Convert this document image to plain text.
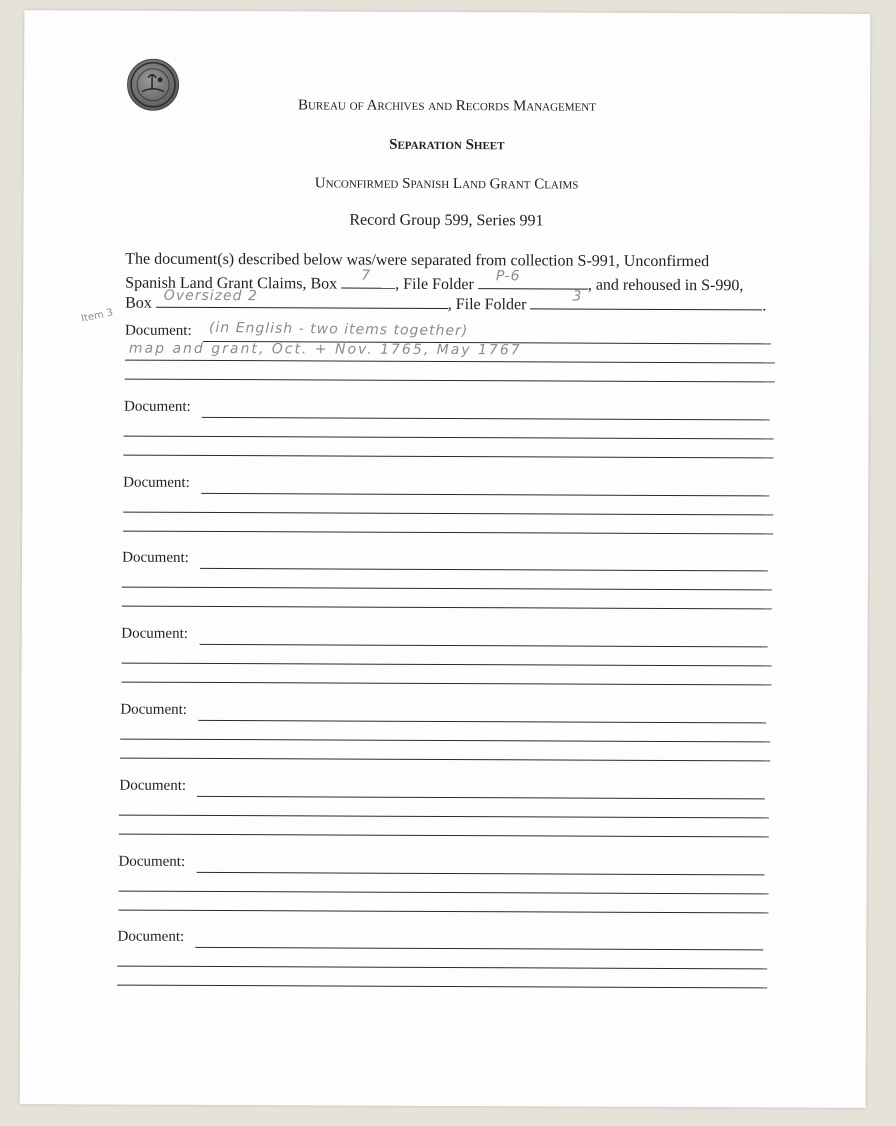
Bureau of Archives and Records Management
Separation Sheet
Unconfirmed Spanish Land Grant Claims
Record Group 599, Series 991
The document(s) described below was/were separated from collection S-991, Unconfirmed
Spanish Land Grant Claims, Box 7
, File Folder P-6
, and rehoused in S-990,
Box Oversized 2
, File Folder	3
.
Item 3
Document: (in English - two items together)
map and grant, Oct. + Nov. 1765, May 1767
Document:
Document:
Document:
Document:
Document:
Document:
Document:
Document:
